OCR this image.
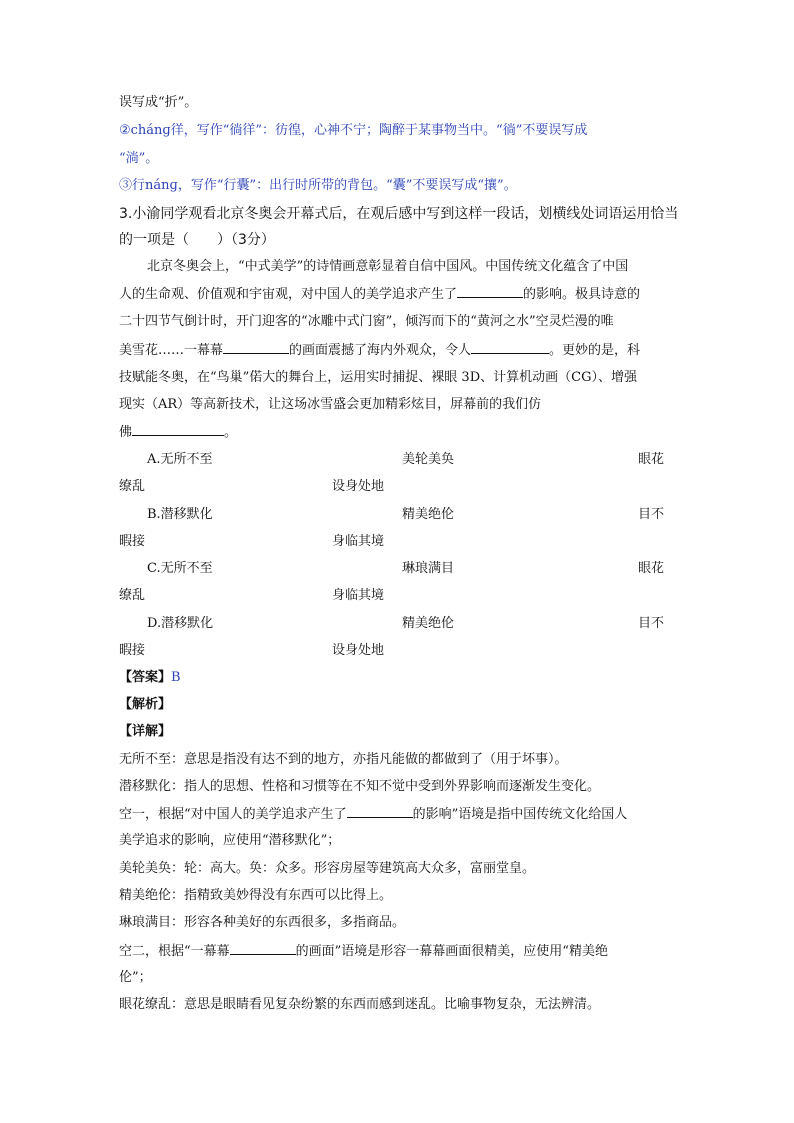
误写成“折”。
②chánɡ徉，写作“徜徉”：彷徨，心神不宁；陶醉于某事物当中。“徜”不要误写成
“淌”。
③行nánɡ，写作“行囊”：出行时所带的背包。“囊”不要误写成“攘”。
3.小渝同学观看北京冬奥会开幕式后，在观后感中写到这样一段话，划横线处词语运用恰当
的一项是（　　）（3分）
北京冬奥会上，“中式美学”的诗情画意彰显着自信中国风。中国传统文化蕴含了中国
人的生命观、价值观和宇宙观，对中国人的美学追求产生了	的影响。极具诗意的
二十四节气倒计时，开门迎客的“冰雕中式门窗”，倾泻而下的“黄河之水”空灵烂漫的唯
美雪花……一幕幕	的画面震撼了海内外观众，令人	。更妙的是，科
技赋能冬奥，在“鸟巢”偌大的舞台上，运用实时捕捉、裸眼 3D、计算机动画（CG）、增强
现实（AR）等高新技术，让这场冰雪盛会更加精彩炫目，屏幕前的我们仿
佛	。
A.无所不至	美轮美奂	眼花
缭乱	设身处地
B.潜移默化	精美绝伦	目不
暇接	身临其境
C.无所不至	琳琅满目	眼花
缭乱	身临其境
D.潜移默化	精美绝伦	目不
暇接	设身处地
【答案】B
【解析】
【详解】
无所不至：意思是指没有达不到的地方，亦指凡能做的都做到了（用于坏事）。
潜移默化：指人的思想、性格和习惯等在不知不觉中受到外界影响而逐渐发生变化。
空一，根据“对中国人的美学追求产生了	的影响”语境是指中国传统文化给国人
美学追求的影响，应使用“潜移默化”；
美轮美奂：轮：高大。奂：众多。形容房屋等建筑高大众多，富丽堂皇。
精美绝伦：指精致美妙得没有东西可以比得上。
琳琅满目：形容各种美好的东西很多，多指商品。
空二，根据“一幕幕	的画面”语境是形容一幕幕画面很精美，应使用“精美绝
伦”；
眼花缭乱：意思是眼睛看见复杂纷繁的东西而感到迷乱。比喻事物复杂，无法辨清。
